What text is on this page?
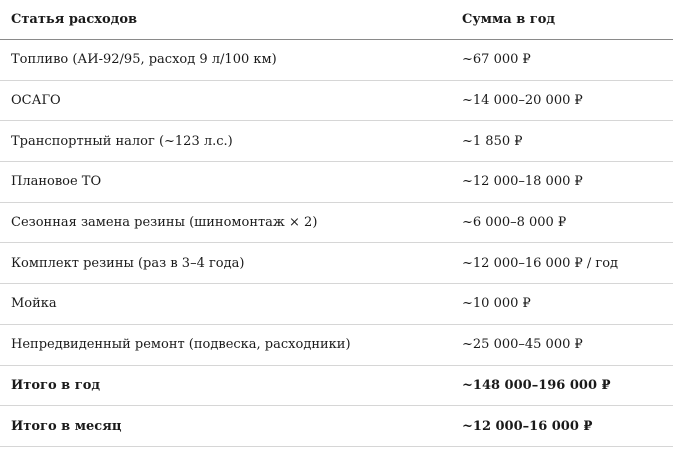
Статья расходов	Сумма в год
Топливо (АИ-92/95, расход 9 л/100 км)	~67 000 ₽
ОСАГО	~14 000–20 000 ₽
Транспортный налог (~123 л.с.)	~1 850 ₽
Плановое ТО	~12 000–18 000 ₽
Сезонная замена резины (шиномонтаж × 2)	~6 000–8 000 ₽
Комплект резины (раз в 3–4 года)	~12 000–16 000 ₽ / год
Мойка	~10 000 ₽
Непредвиденный ремонт (подвеска, расходники)	~25 000–45 000 ₽
Итого в год	~148 000–196 000 ₽
Итого в месяц	~12 000–16 000 ₽
